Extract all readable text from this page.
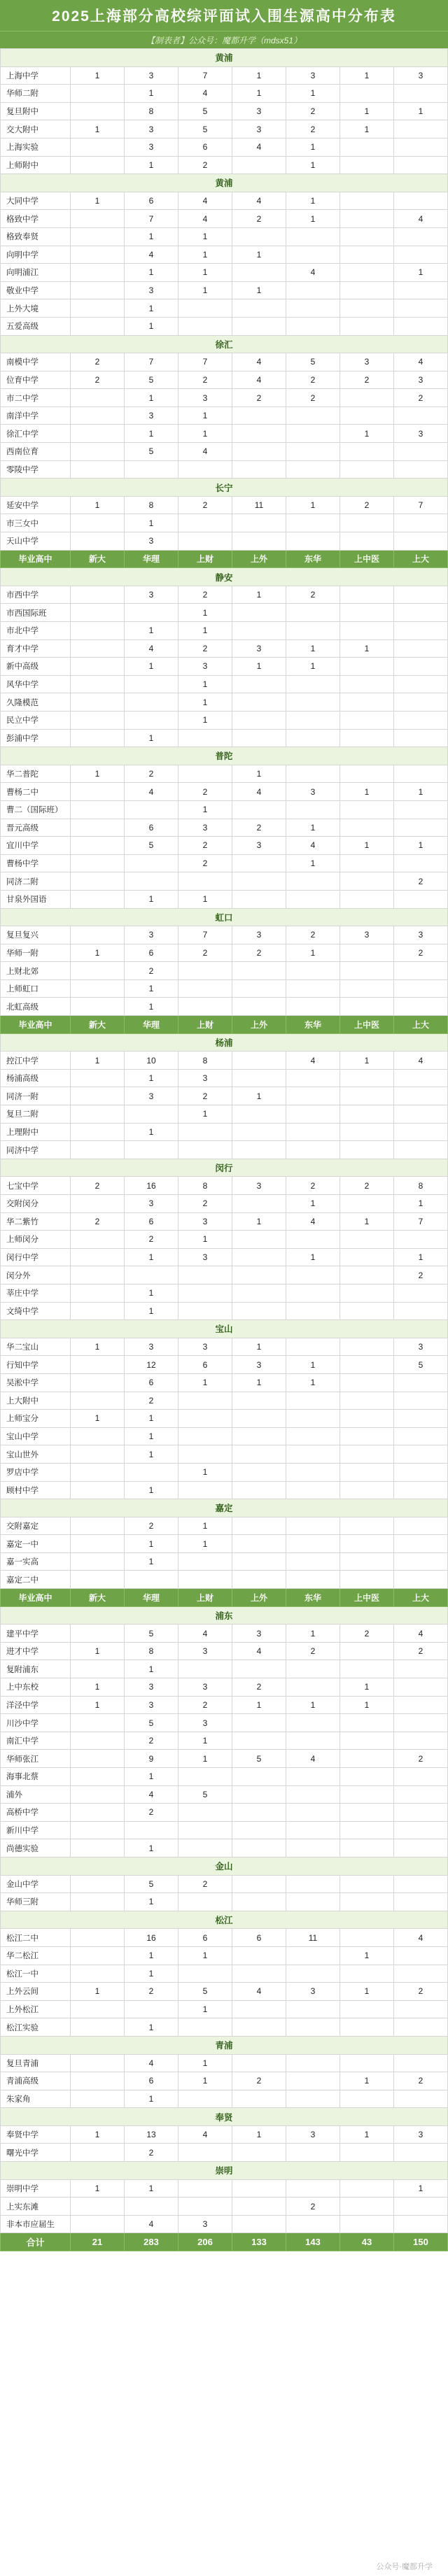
2025上海部分高校综评面试入围生源高中分布表
【制表者】公众号：魔都升学（mdsx51）
黄浦							
上海中学	1	3	7	1	3	1	3
华师二附		1	4	1	1		
复旦附中		8	5	3	2	1	1
交大附中	1	3	5	3	2	1	
上海实验		3	6	4	1		
上师附中		1	2		1		
黄浦							
大同中学	1	6	4	4	1		
格致中学		7	4	2	1		4
格致奉贤		1	1				
向明中学		4	1	1			
向明浦江		1	1		4		1
敬业中学		3	1	1			
上外大境		1					
五爱高级		1					
徐汇							
南模中学	2	7	7	4	5	3	4
位育中学	2	5	2	4	2	2	3
市二中学		1	3	2	2		2
南洋中学		3	1				
徐汇中学		1	1			1	3
西南位育		5	4				
零陵中学							
长宁							
延安中学	1	8	2	11	1	2	7
市三女中		1					
天山中学		3					
毕业高中	新大	华理	上财	上外	东华	上中医	上大
静安							
市西中学		3	2	1	2		
市西国际班			1				
市北中学		1	1				
育才中学		4	2	3	1	1	
新中高级		1	3	1	1		
风华中学			1				
久隆模范			1				
民立中学			1				
彭浦中学		1					
普陀							
华二普陀	1	2		1			
曹杨二中		4	2	4	3	1	1
曹二（国际班）			1				
晋元高级		6	3	2	1		
宜川中学		5	2	3	4	1	1
曹杨中学			2		1		
同济二附							2
甘泉外国语		1	1				
虹口							
复旦复兴		3	7	3	2	3	3
华师一附	1	6	2	2	1		2
上财北郊		2					
上师虹口		1					
北虹高级		1					
毕业高中	新大	华理	上财	上外	东华	上中医	上大
杨浦							
控江中学	1	10	8		4	1	4
杨浦高级		1	3				
同济一附		3	2	1			
复旦二附			1				
上理附中		1					
同济中学							
闵行							
七宝中学	2	16	8	3	2	2	8
交附闵分		3	2		1		1
华二紫竹	2	6	3	1	4	1	7
上师闵分		2	1				
闵行中学		1	3		1		1
闵分外							2
莘庄中学		1					
文绮中学		1					
宝山							
华二宝山	1	3	3	1			3
行知中学		12	6	3	1		5
吴淞中学		6	1	1	1		
上大附中		2					
上师宝分	1	1					
宝山中学		1					
宝山世外		1					
罗店中学			1				
顾村中学		1					
嘉定							
交附嘉定		2	1				
嘉定一中		1	1				
嘉一实高		1					
嘉定二中							
毕业高中	新大	华理	上财	上外	东华	上中医	上大
浦东							
建平中学		5	4	3	1	2	4
进才中学	1	8	3	4	2		2
复附浦东		1					
上中东校	1	3	3	2		1	
洋泾中学	1	3	2	1	1	1	
川沙中学		5	3				
南汇中学		2	1				
华师张江		9	1	5	4		2
海事北蔡		1					
浦外		4	5				
高桥中学		2					
新川中学							
尚德实验		1					
金山							
金山中学		5	2				
华师三附		1					
松江							
松江二中		16	6	6	11		4
华二松江		1	1			1	
松江一中		1					
上外云间	1	2	5	4	3	1	2
上外松江			1				
松江实验		1					
青浦							
复旦青浦		4	1				
青浦高级		6	1	2		1	2
朱家角		1					
奉贤							
奉贤中学	1	13	4	1	3	1	3
曙光中学		2					
崇明							
崇明中学	1	1					1
上实东滩					2		
非本市应届生		4	3				
合计	21	283	206	133	143	43	150
公众号·魔都升学
